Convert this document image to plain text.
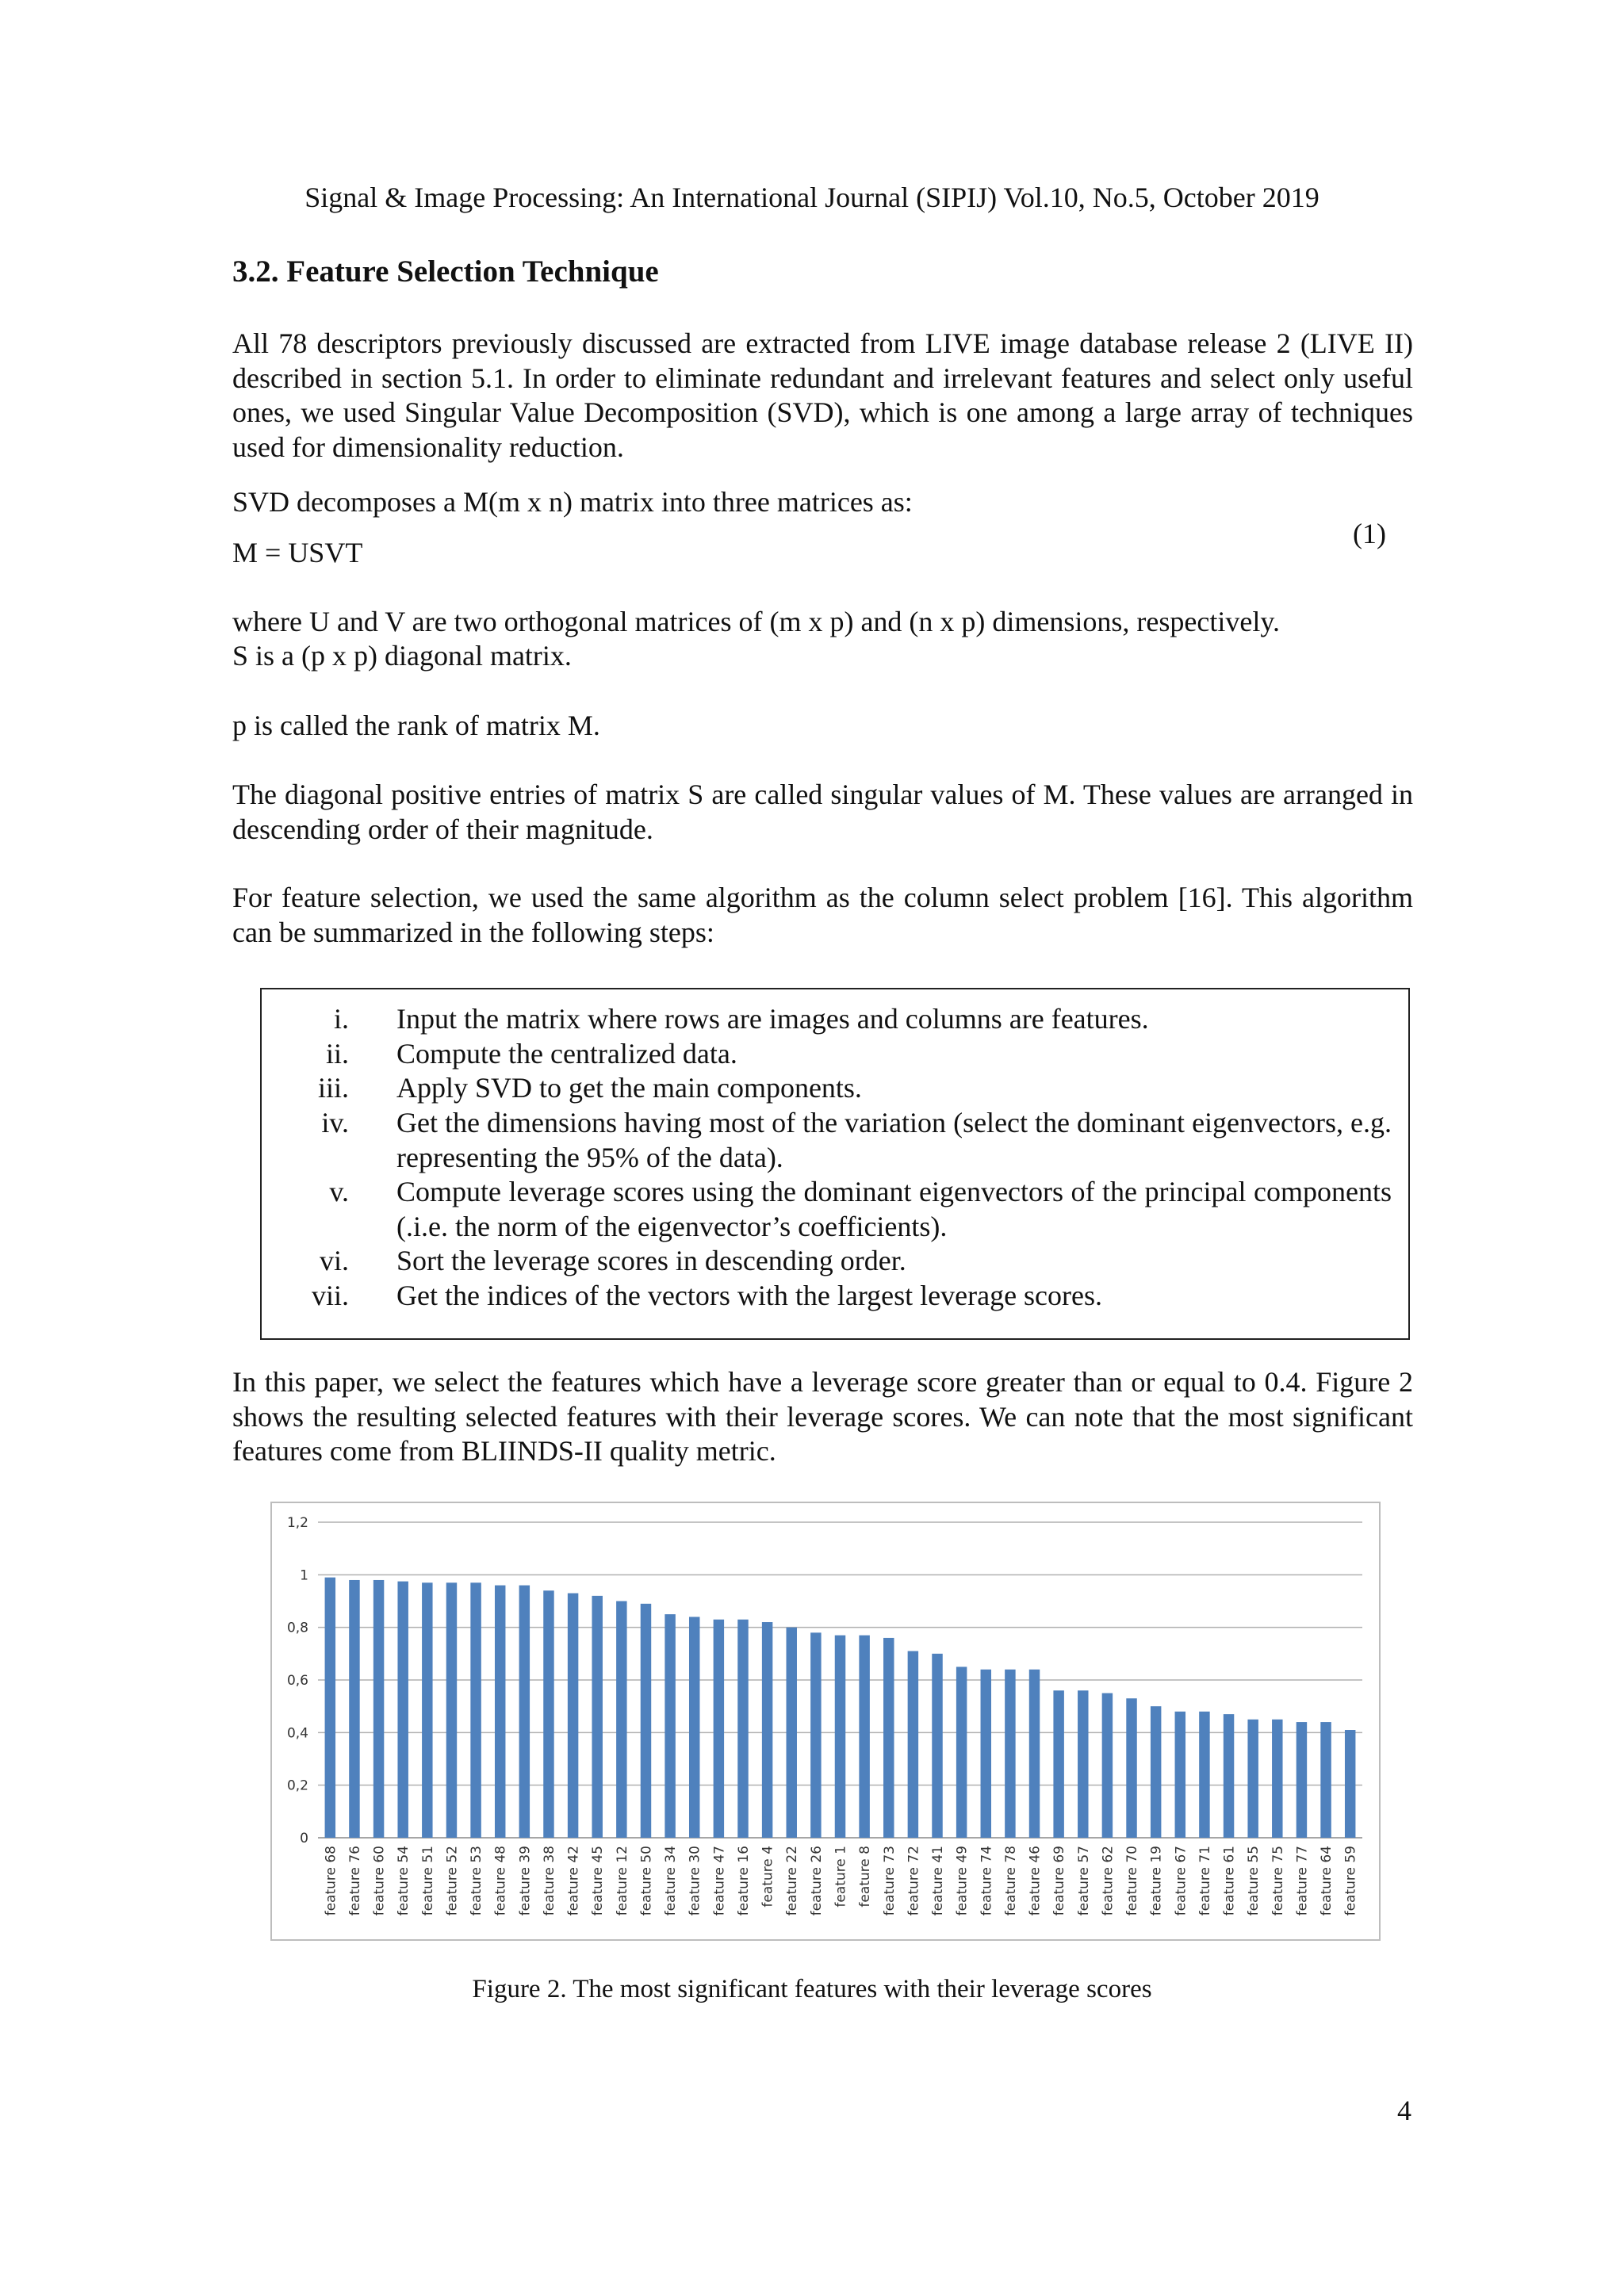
Signal & Image Processing: An International Journal (SIPIJ) Vol.10, No.5, October 2019
3.2. Feature Selection Technique
All 78 descriptors previously discussed are extracted from LIVE image database release 2 (LIVE II) described in section 5.1. In order to eliminate redundant and irrelevant features and select only useful ones, we used Singular Value Decomposition (SVD), which is one among a large array of techniques used for dimensionality reduction.
SVD decomposes a M(m x n) matrix into three matrices as:
M = USVT
(1)
where U and V are two orthogonal matrices of (m x p) and (n x p) dimensions, respectively.
S is a (p x p) diagonal matrix.
p is called the rank of matrix M.
The diagonal positive entries of matrix S are called singular values of M. These values are arranged in descending order of their magnitude.
For feature selection, we used the same algorithm as the column select problem [16]. This algorithm can be summarized in the following steps:
i. Input the matrix where rows are images and columns are features.
ii. Compute the centralized data.
iii. Apply SVD to get the main components.
iv. Get the dimensions having most of the variation (select the dominant eigenvectors, e.g. representing the 95% of the data).
v. Compute leverage scores using the dominant eigenvectors of the principal components (.i.e. the norm of the eigenvector’s coefficients).
vi. Sort the leverage scores in descending order.
vii. Get the indices of the vectors with the largest leverage scores.
In this paper, we select the features which have a leverage score greater than or equal to 0.4. Figure 2 shows the resulting selected features with their leverage scores. We can note that the most significant features come from BLIINDS-II quality metric.
0
0,2
0,4
0,6
0,8
1
1,2
feature 68 feature 76 feature 60 feature 54 feature 51 feature 52 feature 53 feature 48 feature 39 feature 38 feature 42 feature 45 feature 12 feature 50 feature 34 feature 30 feature 47 feature 16 feature 4 feature 22 feature 26 feature 1 feature 8 feature 73 feature 72 feature 41 feature 49 feature 74 feature 78 feature 46 feature 69 feature 57 feature 62 feature 70 feature 19 feature 67 feature 71 feature 61 feature 55 feature 75 feature 77 feature 64 feature 59
Figure 2. The most significant features with their leverage scores
4
